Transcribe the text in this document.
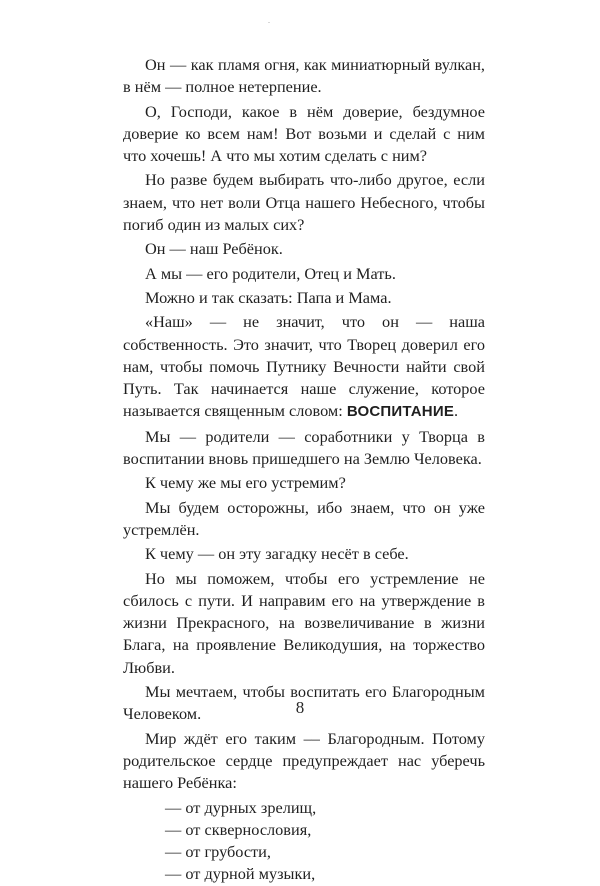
Он — как пламя огня, как миниатюрный вулкан, в нём — полное нетерпение.

О, Господи, какое в нём доверие, бездумное доверие ко всем нам! Вот возьми и сделай с ним что хочешь! А что мы хотим сделать с ним?

Но разве будем выбирать что-либо другое, если знаем, что нет воли Отца нашего Небесного, чтобы погиб один из малых сих?

Он — наш Ребёнок.

А мы — его родители, Отец и Мать.

Можно и так сказать: Папа и Мама.

«Наш» — не значит, что он — наша собственность. Это значит, что Творец доверил его нам, чтобы помочь Путнику Вечности найти свой Путь. Так начинается наше служение, которое называется священным словом: ВОСПИТАНИЕ.

Мы — родители — соработники у Творца в воспитании вновь пришедшего на Землю Человека.

К чему же мы его устремим?

Мы будем осторожны, ибо знаем, что он уже устремлён.

К чему — он эту загадку несёт в себе.

Но мы поможем, чтобы его устремление не сбилось с пути. И направим его на утверждение в жизни Прекрасного, на возвеличивание в жизни Блага, на проявление Великодушия, на торжество Любви.

Мы мечтаем, чтобы воспитать его Благородным Человеком.

Мир ждёт его таким –– Благородным. Потому родительское сердце предупреждает нас уберечь нашего Ребёнка:

— от дурных зрелищ,

— от сквернословия,

— от грубости,

— от дурной музыки,

8
